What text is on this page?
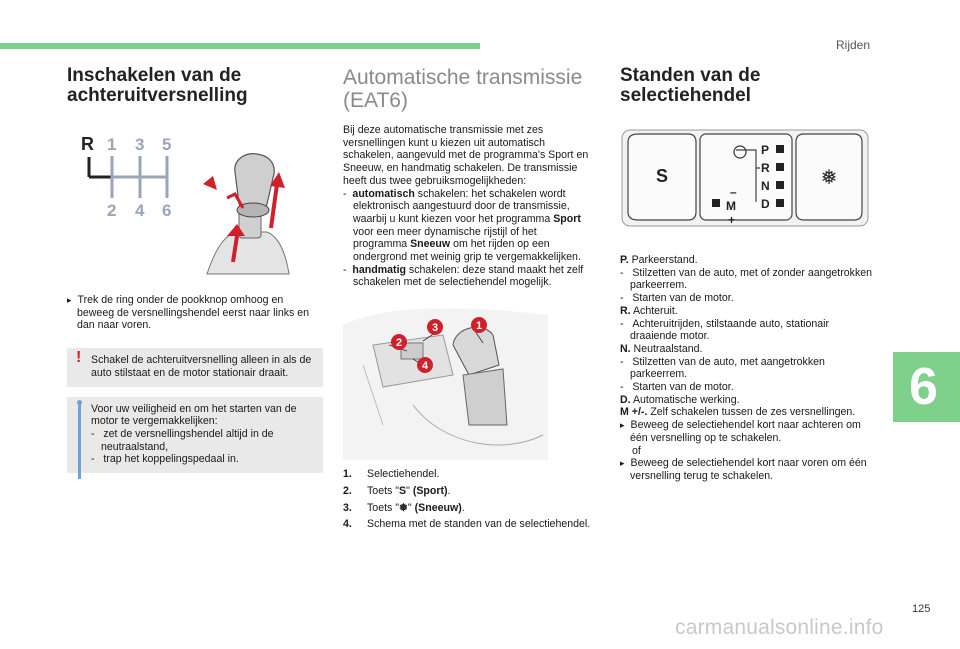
Rijden
6
125
carmanualsonline.info
Inschakelen van de
achteruitversnelling
R 1 3 5
2 4 6
▸ Trek de ring onder de pookknop omhoog en beweeg de versnellingshendel eerst naar links en dan naar voren.
! Schakel de achteruitversnelling alleen in als de auto stilstaat en de motor stationair draait.
Voor uw veiligheid en om het starten van de motor te vergemakkelijken:
-   zet de versnellingshendel altijd in de neutraalstand,
-   trap het koppelingspedaal in.
Automatische transmissie
(EAT6)
Bij deze automatische transmissie met zes versnellingen kunt u kiezen uit automatisch schakelen, aangevuld met de programma's Sport en Sneeuw, en handmatig schakelen. De transmissie heeft dus twee gebruiksmogelijkheden:
-  automatisch schakelen: het schakelen wordt elektronisch aangestuurd door de transmissie, waarbij u kunt kiezen voor het programma Sport voor een meer dynamische rijstijl of het programma Sneeuw om het rijden op een ondergrond met weinig grip te vergemakkelijken.
-  handmatig schakelen: deze stand maakt het zelf schakelen met de selectiehendel mogelijk.
1
2
3
4
1.	Selectiehendel.
2.	Toets "S" (Sport).
3.	Toets "❅" (Sneeuw).
4.	Schema met de standen van de selectiehendel.
Standen van de
selectiehendel
S
P
R
N
D
–
M
+
❅
P. Parkeerstand.
-   Stilzetten van de auto, met of zonder aangetrokken parkeerrem.
-   Starten van de motor.
R. Achteruit.
-   Achteruitrijden, stilstaande auto, stationair draaiende motor.
N. Neutraalstand.
-   Stilzetten van de auto, met aangetrokken parkeerrem.
-   Starten van de motor.
D. Automatische werking.
M +/-. Zelf schakelen tussen de zes versnellingen.
▸ Beweeg de selectiehendel kort naar achteren om één versnelling op te schakelen.
of
▸ Beweeg de selectiehendel kort naar voren om één versnelling terug te schakelen.
